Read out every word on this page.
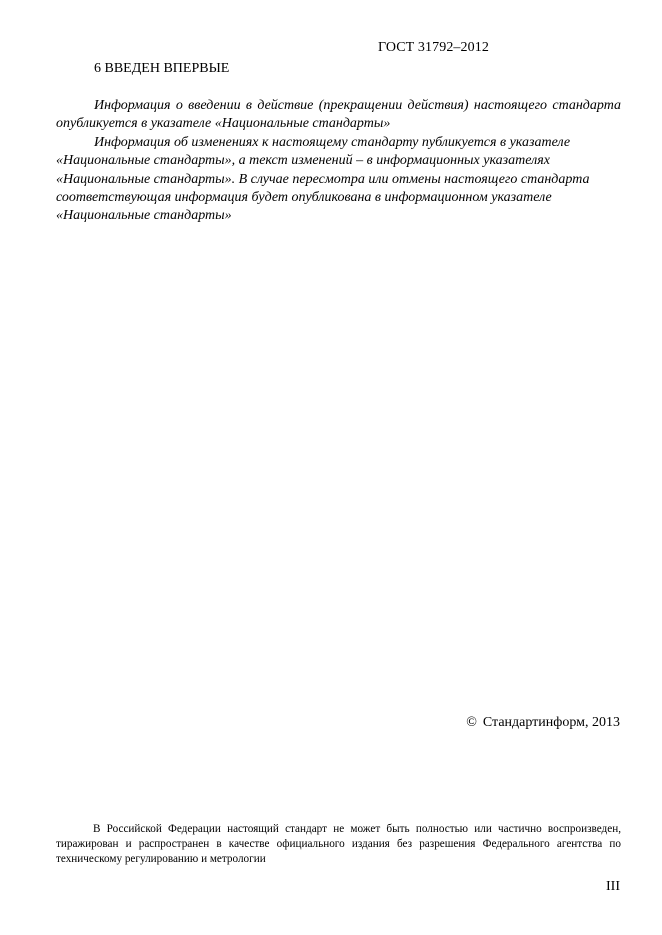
ГОСТ 31792–2012
6 ВВЕДЕН ВПЕРВЫЕ

Информация о введении в действие (прекращении действия) настоящего стандарта опубликуется в указателе «Национальные стандарты»

Информация об изменениях к настоящему стандарту публикуется в указателе «Национальные стандарты», а текст изменений – в информационных указателях «Национальные стандарты». В случае пересмотра или отмены настоящего стандарта соответствующая информация будет опубликована в информационном указателе «Национальные стандарты»

© Стандартинформ, 2013

В Российской Федерации настоящий стандарт не может быть полностью или частично воспроизведен, тиражирован и распространен в качестве официального издания без разрешения Федерального агентства по техническому регулированию и метрологии

III
